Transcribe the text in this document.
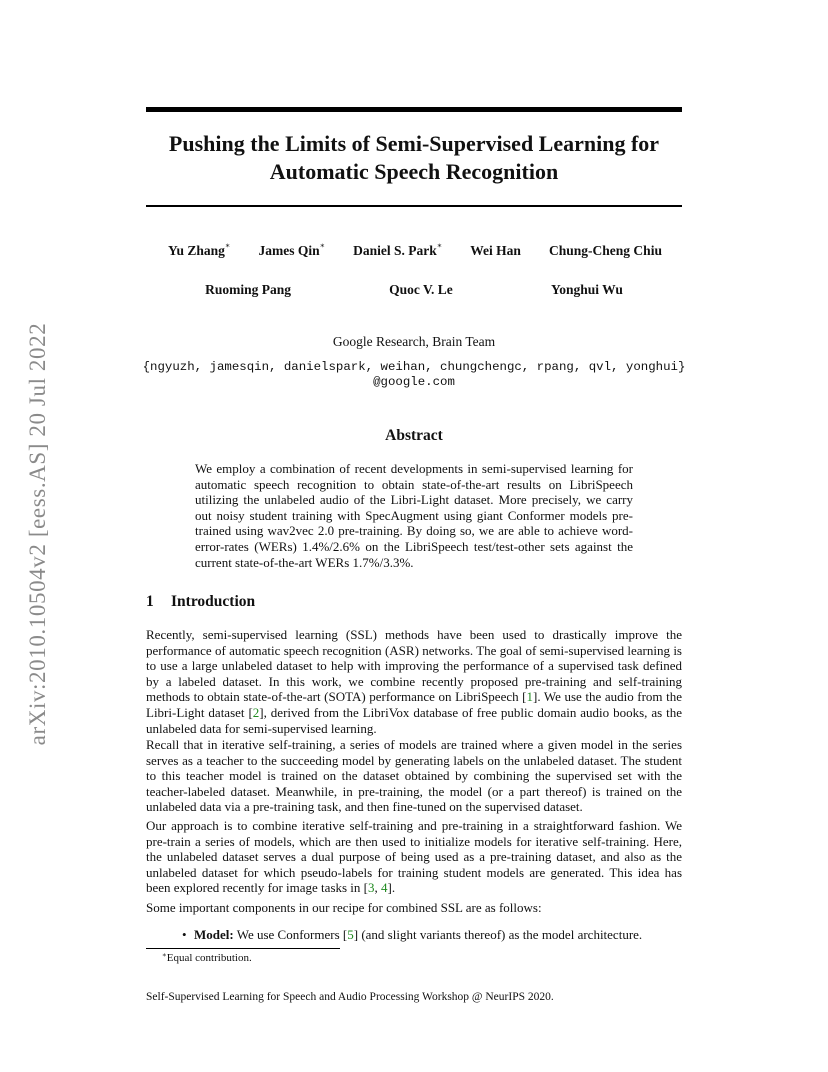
arXiv:2010.10504v2 [eess.AS] 20 Jul 2022
Pushing the Limits of Semi-Supervised Learning for
Automatic Speech Recognition
Yu Zhang∗ James Qin∗ Daniel S. Park∗ Wei Han Chung-Cheng Chiu
Ruoming Pang	Quoc V. Le	Yonghui Wu
Google Research, Brain Team
{ngyuzh, jamesqin, danielspark, weihan, chungchengc, rpang, qvl, yonghui}
@google.com
Abstract

We employ a combination of recent developments in semi-supervised learning for automatic speech recognition to obtain state-of-the-art results on LibriSpeech utilizing the unlabeled audio of the Libri-Light dataset. More precisely, we carry out noisy student training with SpecAugment using giant Conformer models pre-trained using wav2vec 2.0 pre-training. By doing so, we are able to achieve word-error-rates (WERs) 1.4%/2.6% on the LibriSpeech test/test-other sets against the current state-of-the-art WERs 1.7%/3.3%.

1 Introduction

Recently, semi-supervised learning (SSL) methods have been used to drastically improve the performance of automatic speech recognition (ASR) networks. The goal of semi-supervised learning is to use a large unlabeled dataset to help with improving the performance of a supervised task defined by a labeled dataset. In this work, we combine recently proposed pre-training and self-training methods to obtain state-of-the-art (SOTA) performance on LibriSpeech [1]. We use the audio from the Libri-Light dataset [2], derived from the LibriVox database of free public domain audio books, as the unlabeled data for semi-supervised learning.

Recall that in iterative self-training, a series of models are trained where a given model in the series serves as a teacher to the succeeding model by generating labels on the unlabeled dataset. The student to this teacher model is trained on the dataset obtained by combining the supervised set with the teacher-labeled dataset. Meanwhile, in pre-training, the model (or a part thereof) is trained on the unlabeled data via a pre-training task, and then fine-tuned on the supervised dataset.

Our approach is to combine iterative self-training and pre-training in a straightforward fashion. We pre-train a series of models, which are then used to initialize models for iterative self-training. Here, the unlabeled dataset serves a dual purpose of being used as a pre-training dataset, and also as the unlabeled dataset for which pseudo-labels for training student models are generated. This idea has been explored recently for image tasks in [3, 4].

Some important components in our recipe for combined SSL are as follows:

• Model: We use Conformers [5] (and slight variants thereof) as the model architecture.

∗Equal contribution.

Self-Supervised Learning for Speech and Audio Processing Workshop @ NeurIPS 2020.
